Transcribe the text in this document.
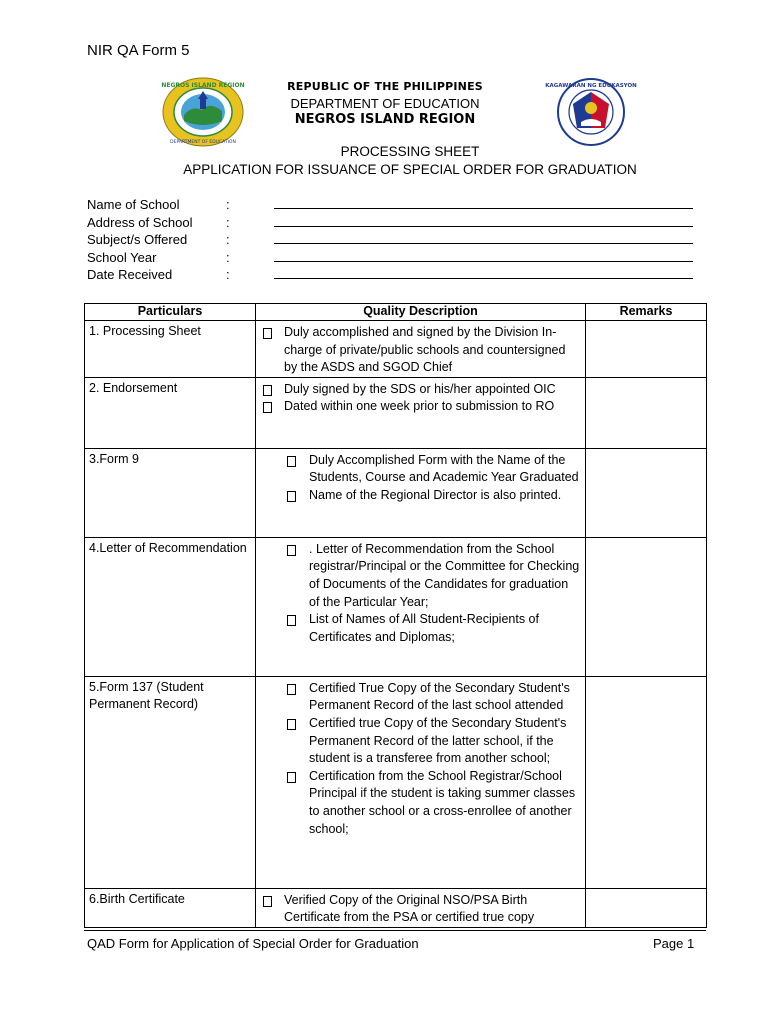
NIR QA Form 5
NEGROS ISLAND REGION
DEPARTMENT OF EDUCATION
REPUBLIC OF THE PHILIPPINES
DEPARTMENT OF EDUCATION
NEGROS ISLAND REGION
KAGAWARAN NG EDUKASYON
PROCESSING SHEET
APPLICATION FOR ISSUANCE OF SPECIAL ORDER FOR GRADUATION
Name of School	:
Address of School	:
Subject/s Offered	:
School Year	:
Date Received	:
Particulars	Quality Description	Remarks
1. Processing Sheet	Duly accomplished and signed by the Division In-charge of private/public schools and countersigned by the ASDS and SGOD Chief	

2. Endorsement	Duly signed by the SDS or his/her appointed OIC
Dated within one week prior to submission to RO	

3.Form 9	Duly Accomplished Form with the Name of the Students, Course and Academic Year Graduated
Name of the Regional Director is also printed.	

4.Letter of Recommendation	. Letter of Recommendation from the School registrar/Principal or the Committee for Checking of Documents of the Candidates for graduation of the Particular Year;
List of Names of All Student-Recipients of Certificates and Diplomas;	

5.Form 137 (Student Permanent Record)	Certified True Copy of the Secondary Student's Permanent Record of the last school attended
Certified true Copy of the Secondary Student's Permanent Record of the latter school, if the student is a transferee from another school;
Certification from the School Registrar/School Principal if the student is taking summer classes to another school or a cross-enrollee of another school;	

6.Birth Certificate	Verified Copy of the Original NSO/PSA Birth Certificate from the PSA or certified true copy	

QAD Form for Application of Special Order for Graduation	Page 1
